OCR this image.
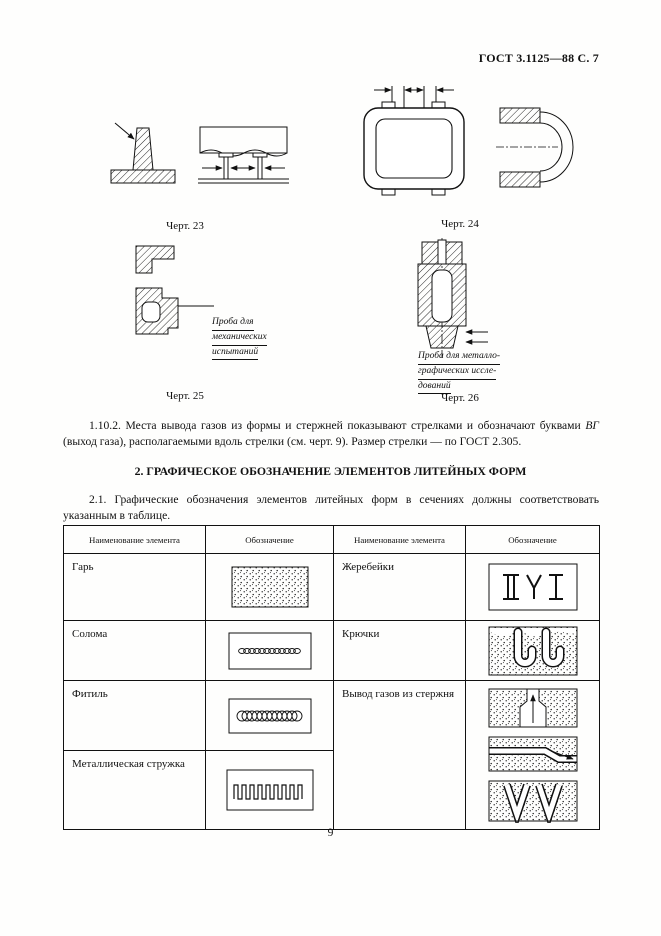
ГОСТ 3.1125—88 С. 7
Черт. 23	Черт. 24
Проба для
механических
испытаний
Черт. 25
Проба для металло-
графических иссле-
дований
Черт. 26

1.10.2. Места вывода газов из формы и стержней показывают стрелками и обозначают буквами ВГ (выход газа), располагаемыми вдоль стрелки (см. черт. 9). Размер стрелки — по ГОСТ 2.305.

2. ГРАФИЧЕСКОЕ ОБОЗНАЧЕНИЕ ЭЛЕМЕНТОВ ЛИТЕЙНЫХ ФОРМ

2.1. Графические обозначения элементов литейных форм в сечениях должны соответствовать указанным в таблице.

Наименование элемента	Обозначение	Наименование элемента	Обозначение
Гарь		Жеребейки	
Солома		Крючки	
Фитиль		Вывод газов из стержня	
Металлическая стружка	
9
